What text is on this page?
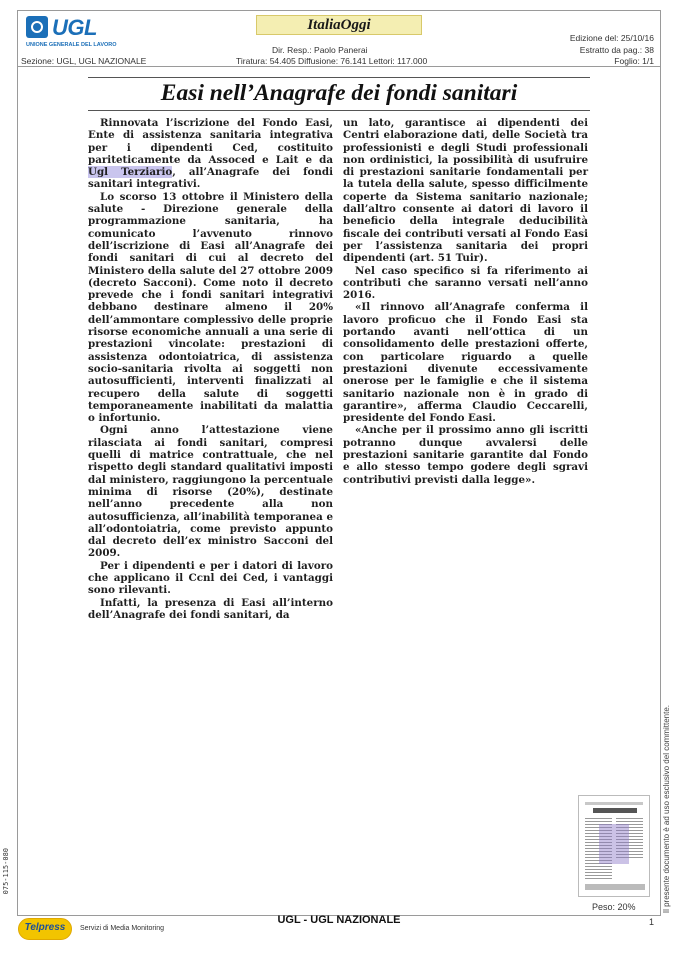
UGL
UNIONE GENERALE DEL LAVORO
ItaliaOggi
Sezione: UGL, UGL NAZIONALE
Dir. Resp.: Paolo Panerai
Tiratura: 54.405 Diffusione: 76.141 Lettori: 117.000
Edizione del: 25/10/16
Estratto da pag.: 38
Foglio: 1/1
Easi nell’Anagrafe dei fondi sanitari

Rinnovata l’iscrizione del Fondo Easi, Ente di assistenza sanitaria integrativa per i dipendenti Ced, costituito pariteticamente da Assoced e Lait e da Ugl Terziario, all’Anagrafe dei fondi sanitari integrativi.

Lo scorso 13 ottobre il Ministero della salute - Direzione generale della programmazione sanitaria, ha comunicato l’avvenuto rinnovo dell’iscrizione di Easi all’Anagrafe dei fondi sanitari di cui al decreto del Ministero della salute del 27 ottobre 2009 (decreto Sacconi). Come noto il decreto prevede che i fondi sanitari integrativi debbano destinare almeno il 20% dell’ammontare complessivo delle proprie risorse economiche annuali a una serie di prestazioni vincolate: prestazioni di assistenza odontoiatrica, di assistenza socio-sanitaria rivolta ai soggetti non autosufficienti, interventi finalizzati al recupero della salute di soggetti temporaneamente inabilitati da malattia o infortunio.

Ogni anno l’attestazione viene rilasciata ai fondi sanitari, compresi quelli di matrice contrattuale, che nel rispetto degli standard qualitativi imposti dal ministero, raggiungono la percentuale minima di risorse (20%), destinate nell’anno precedente alla non autosufficienza, all’inabilità temporanea e all’odontoiatria, come previsto appunto dal decreto dell’ex ministro Sacconi del 2009.

Per i dipendenti e per i datori di lavoro che applicano il Ccnl dei Ced, i vantaggi sono rilevanti.

Infatti, la presenza di Easi all’interno dell’Anagrafe dei fondi sanitari, da

un lato, garantisce ai dipendenti dei Centri elaborazione dati, delle Società tra professionisti e degli Studi professionali non ordinistici, la possibilità di usufruire di prestazioni sanitarie fondamentali per la tutela della salute, spesso difficilmente coperte da Sistema sanitario nazionale; dall’altro consente ai datori di lavoro il beneficio della integrale deducibilità fiscale dei contributi versati al Fondo Easi per l’assistenza sanitaria dei propri dipendenti (art. 51 Tuir).

Nel caso specifico si fa riferimento ai contributi che saranno versati nell’anno 2016.

«Il rinnovo all’Anagrafe conferma il lavoro proficuo che il Fondo Easi sta portando avanti nell’ottica di un consolidamento delle prestazioni offerte, con particolare riguardo a quelle prestazioni divenute eccessivamente onerose per le famiglie e che il sistema sanitario nazionale non è in grado di garantire», afferma Claudio Ceccarelli, presidente del Fondo Easi.

«Anche per il prossimo anno gli iscritti potranno dunque avvalersi delle prestazioni sanitarie garantite dal Fondo e allo stesso tempo godere degli sgravi contributivi previsti dalla legge».

Peso: 20%	Il presente documento è ad uso esclusivo del committente.
075-115-080
Telpress	Servizi di Media Monitoring
UGL - UGL NAZIONALE	1
